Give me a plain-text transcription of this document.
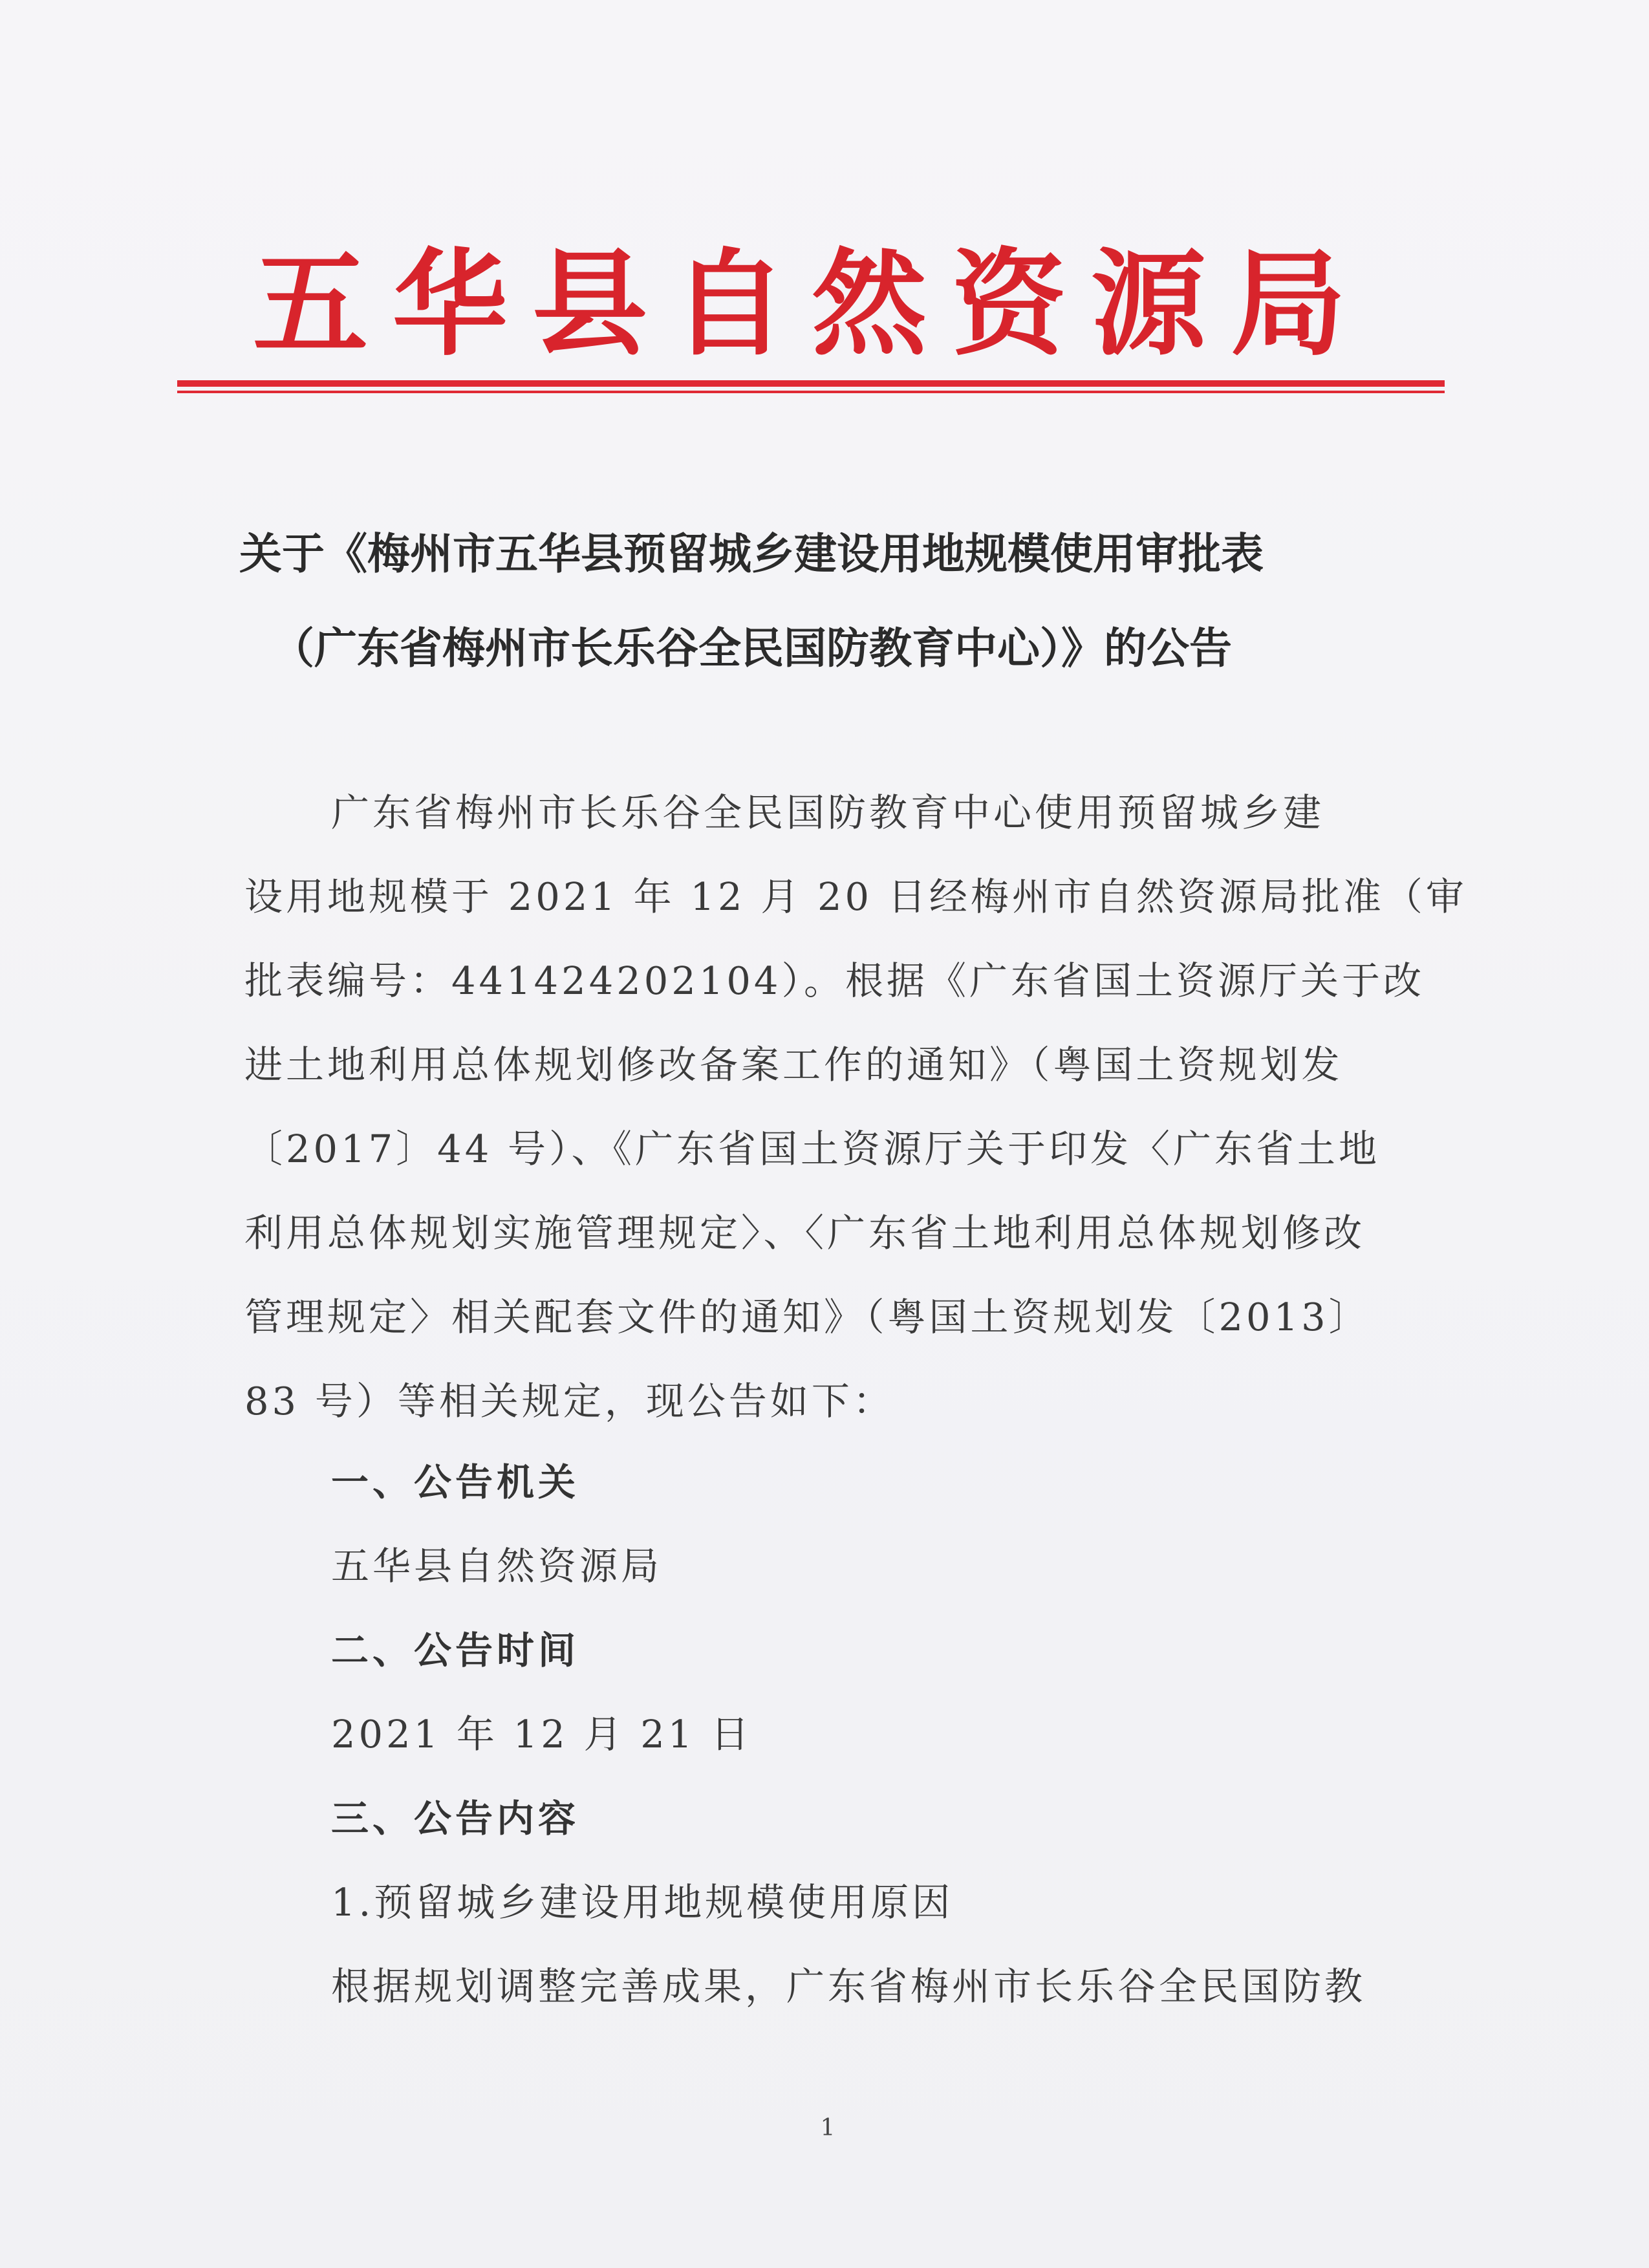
五华县自然资源局
关于《梅州市五华县预留城乡建设用地规模使用审批表
（广东省梅州市长乐谷全民国防教育中心）》的公告
广东省梅州市长乐谷全民国防教育中心使用预留城乡建
设用地规模于 2021 年 12 月 20 日经梅州市自然资源局批准（审
批表编号：441424202104）。根据《广东省国土资源厅关于改
进土地利用总体规划修改备案工作的通知》（粤国土资规划发
〔2017〕44 号）、《广东省国土资源厅关于印发〈广东省土地
利用总体规划实施管理规定〉、〈广东省土地利用总体规划修改
管理规定〉相关配套文件的通知》（粤国土资规划发〔2013〕
83 号）等相关规定，现公告如下：
一、公告机关
五华县自然资源局
二、公告时间
2021 年 12 月 21 日
三、公告内容
1.预留城乡建设用地规模使用原因
根据规划调整完善成果，广东省梅州市长乐谷全民国防教
1
